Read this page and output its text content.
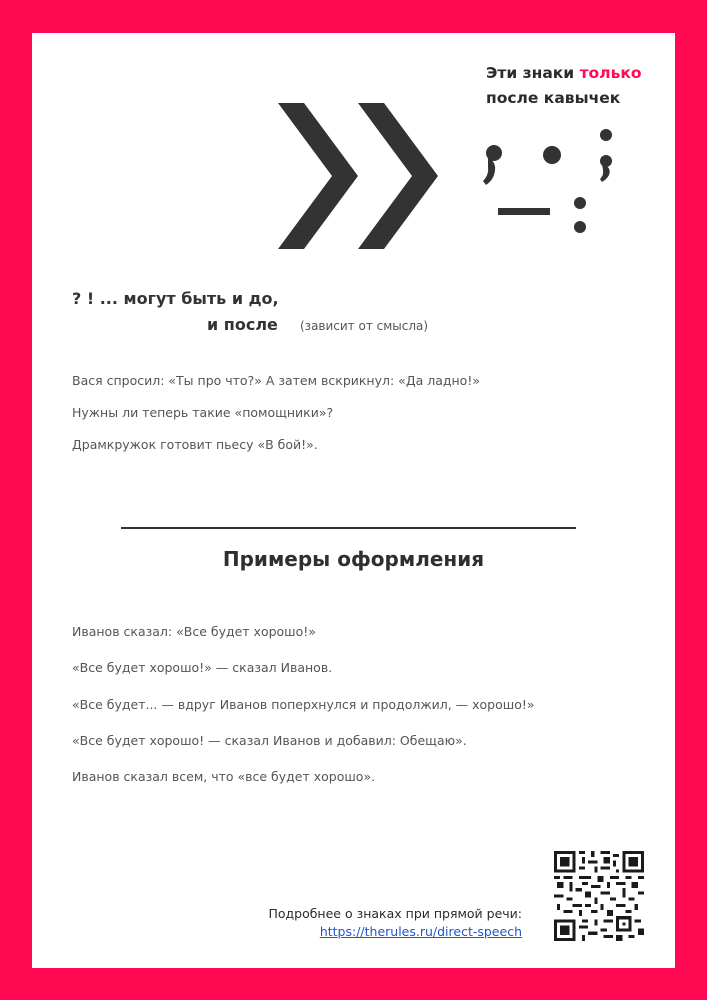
Эти знаки только
после кавычек
? ! ... могут быть и до,
и после (зависит от смысла)
Вася спросил: «Ты про что?» А затем вскрикнул: «Да ладно!»
Нужны ли теперь такие «помощники»?
Драмкружок готовит пьесу «В бой!».
Примеры оформления
Иванов сказал: «Все будет хорошо!»
«Все будет хорошо!» — сказал Иванов.
«Все будет... — вдруг Иванов поперхнулся и продолжил, — хорошо!»
«Все будет хорошо! — сказал Иванов и добавил: Обещаю».
Иванов сказал всем, что «все будет хорошо».
Подробнее о знаках при прямой речи:
https://therules.ru/direct-speech
